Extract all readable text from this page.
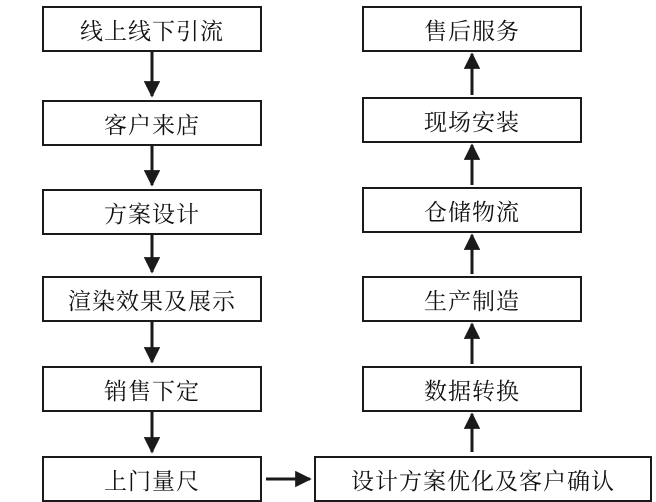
线上线下引流
客户来店
方案设计
渲染效果及展示
销售下定
上门量尺
售后服务
现场安装
仓储物流
生产制造
数据转换
设计方案优化及客户确认
